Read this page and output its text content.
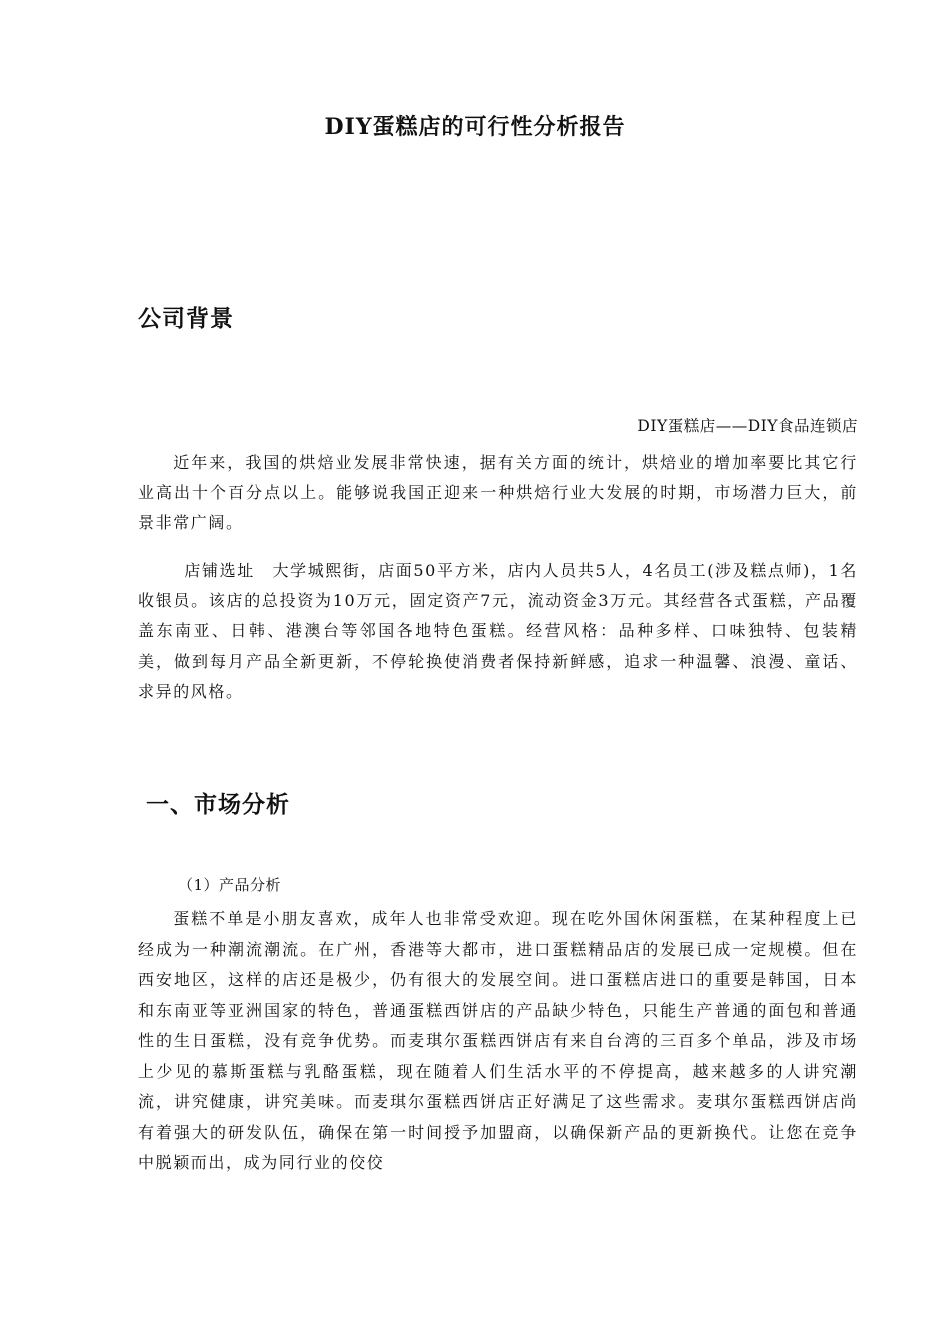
DIY蛋糕店的可行性分析报告
公司背景
DIY蛋糕店——DIY食品连锁店

近年来，我国的烘焙业发展非常快速，据有关方面的统计，烘焙业的增加率要比其它行业高出十个百分点以上。能够说我国正迎来一种烘焙行业大发展的时期，市场潜力巨大，前景非常广阔。

店铺选址　大学城熙街，店面50平方米，店内人员共5人，4名员工(涉及糕点师)，1名收银员。该店的总投资为10万元，固定资产7元，流动资金3万元。其经营各式蛋糕，产品覆盖东南亚、日韩、港澳台等邻国各地特色蛋糕。经营风格：品种多样、口味独特、包装精美，做到每月产品全新更新，不停轮换使消费者保持新鲜感，追求一种温馨、浪漫、童话、求异的风格。

一、市场分析
（1）产品分析

蛋糕不单是小朋友喜欢，成年人也非常受欢迎。现在吃外国休闲蛋糕，在某种程度上已经成为一种潮流潮流。在广州，香港等大都市，进口蛋糕精品店的发展已成一定规模。但在西安地区，这样的店还是极少，仍有很大的发展空间。进口蛋糕店进口的重要是韩国，日本和东南亚等亚洲国家的特色，普通蛋糕西饼店的产品缺少特色，只能生产普通的面包和普通性的生日蛋糕，没有竞争优势。而麦琪尔蛋糕西饼店有来自台湾的三百多个单品，涉及市场上少见的慕斯蛋糕与乳酪蛋糕，现在随着人们生活水平的不停提高，越来越多的人讲究潮流，讲究健康，讲究美味。而麦琪尔蛋糕西饼店正好满足了这些需求。麦琪尔蛋糕西饼店尚有着强大的研发队伍，确保在第一时间授予加盟商，以确保新产品的更新换代。让您在竞争中脱颖而出，成为同行业的佼佼
